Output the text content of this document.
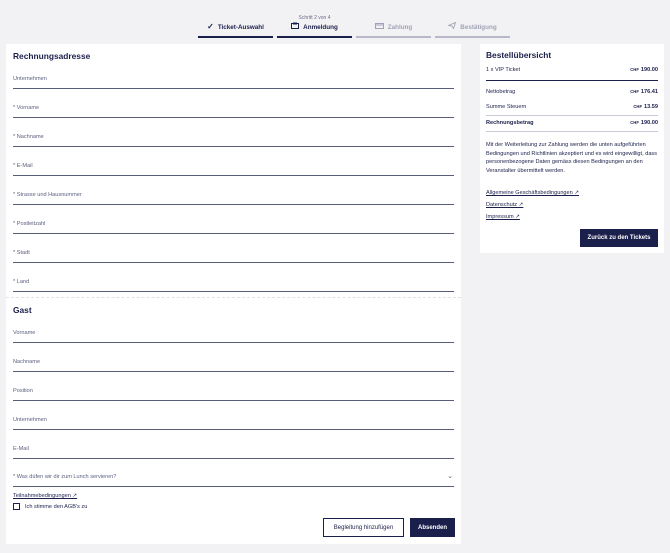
✓ Ticket-Auswahl
Schritt 2 von 4
Anmeldung	Zahlung	Bestätigung
Rechnungsadresse
Unternehmen
* Vorname
* Nachname
* E-Mail
* Strasse und Hausnummer
* Postleitzahl
* Stadt
* Land
Gast
Vorname
Nachname
Position
Unternehmen
E-Mail
* Was düfen wir dir zum Lunch servieren?	⌄
Teilnahmebedingungen ↗
Ich stimme den AGB's zu
Begleitung hinzufügen	Absenden
Bestellübersicht
1 x VIP Ticket	CHF 190.00
Nettobetrag	CHF 176.41
Summe Steuern	CHF 13.59
Rechnungsbetrag	CHF 190.00
Mit der Weiterleitung zur Zahlung werden die unten aufgeführten Bedingungen und Richtlinien akzeptiert und es wird eingewilligt, dass personenbezogene Daten gemäss diesen Bedingungen an den Veranstalter übermittelt werden.
Allgemeine Geschäftsbedingungen ↗
Datenschutz ↗
Impressum ↗
Zurück zu den Tickets
